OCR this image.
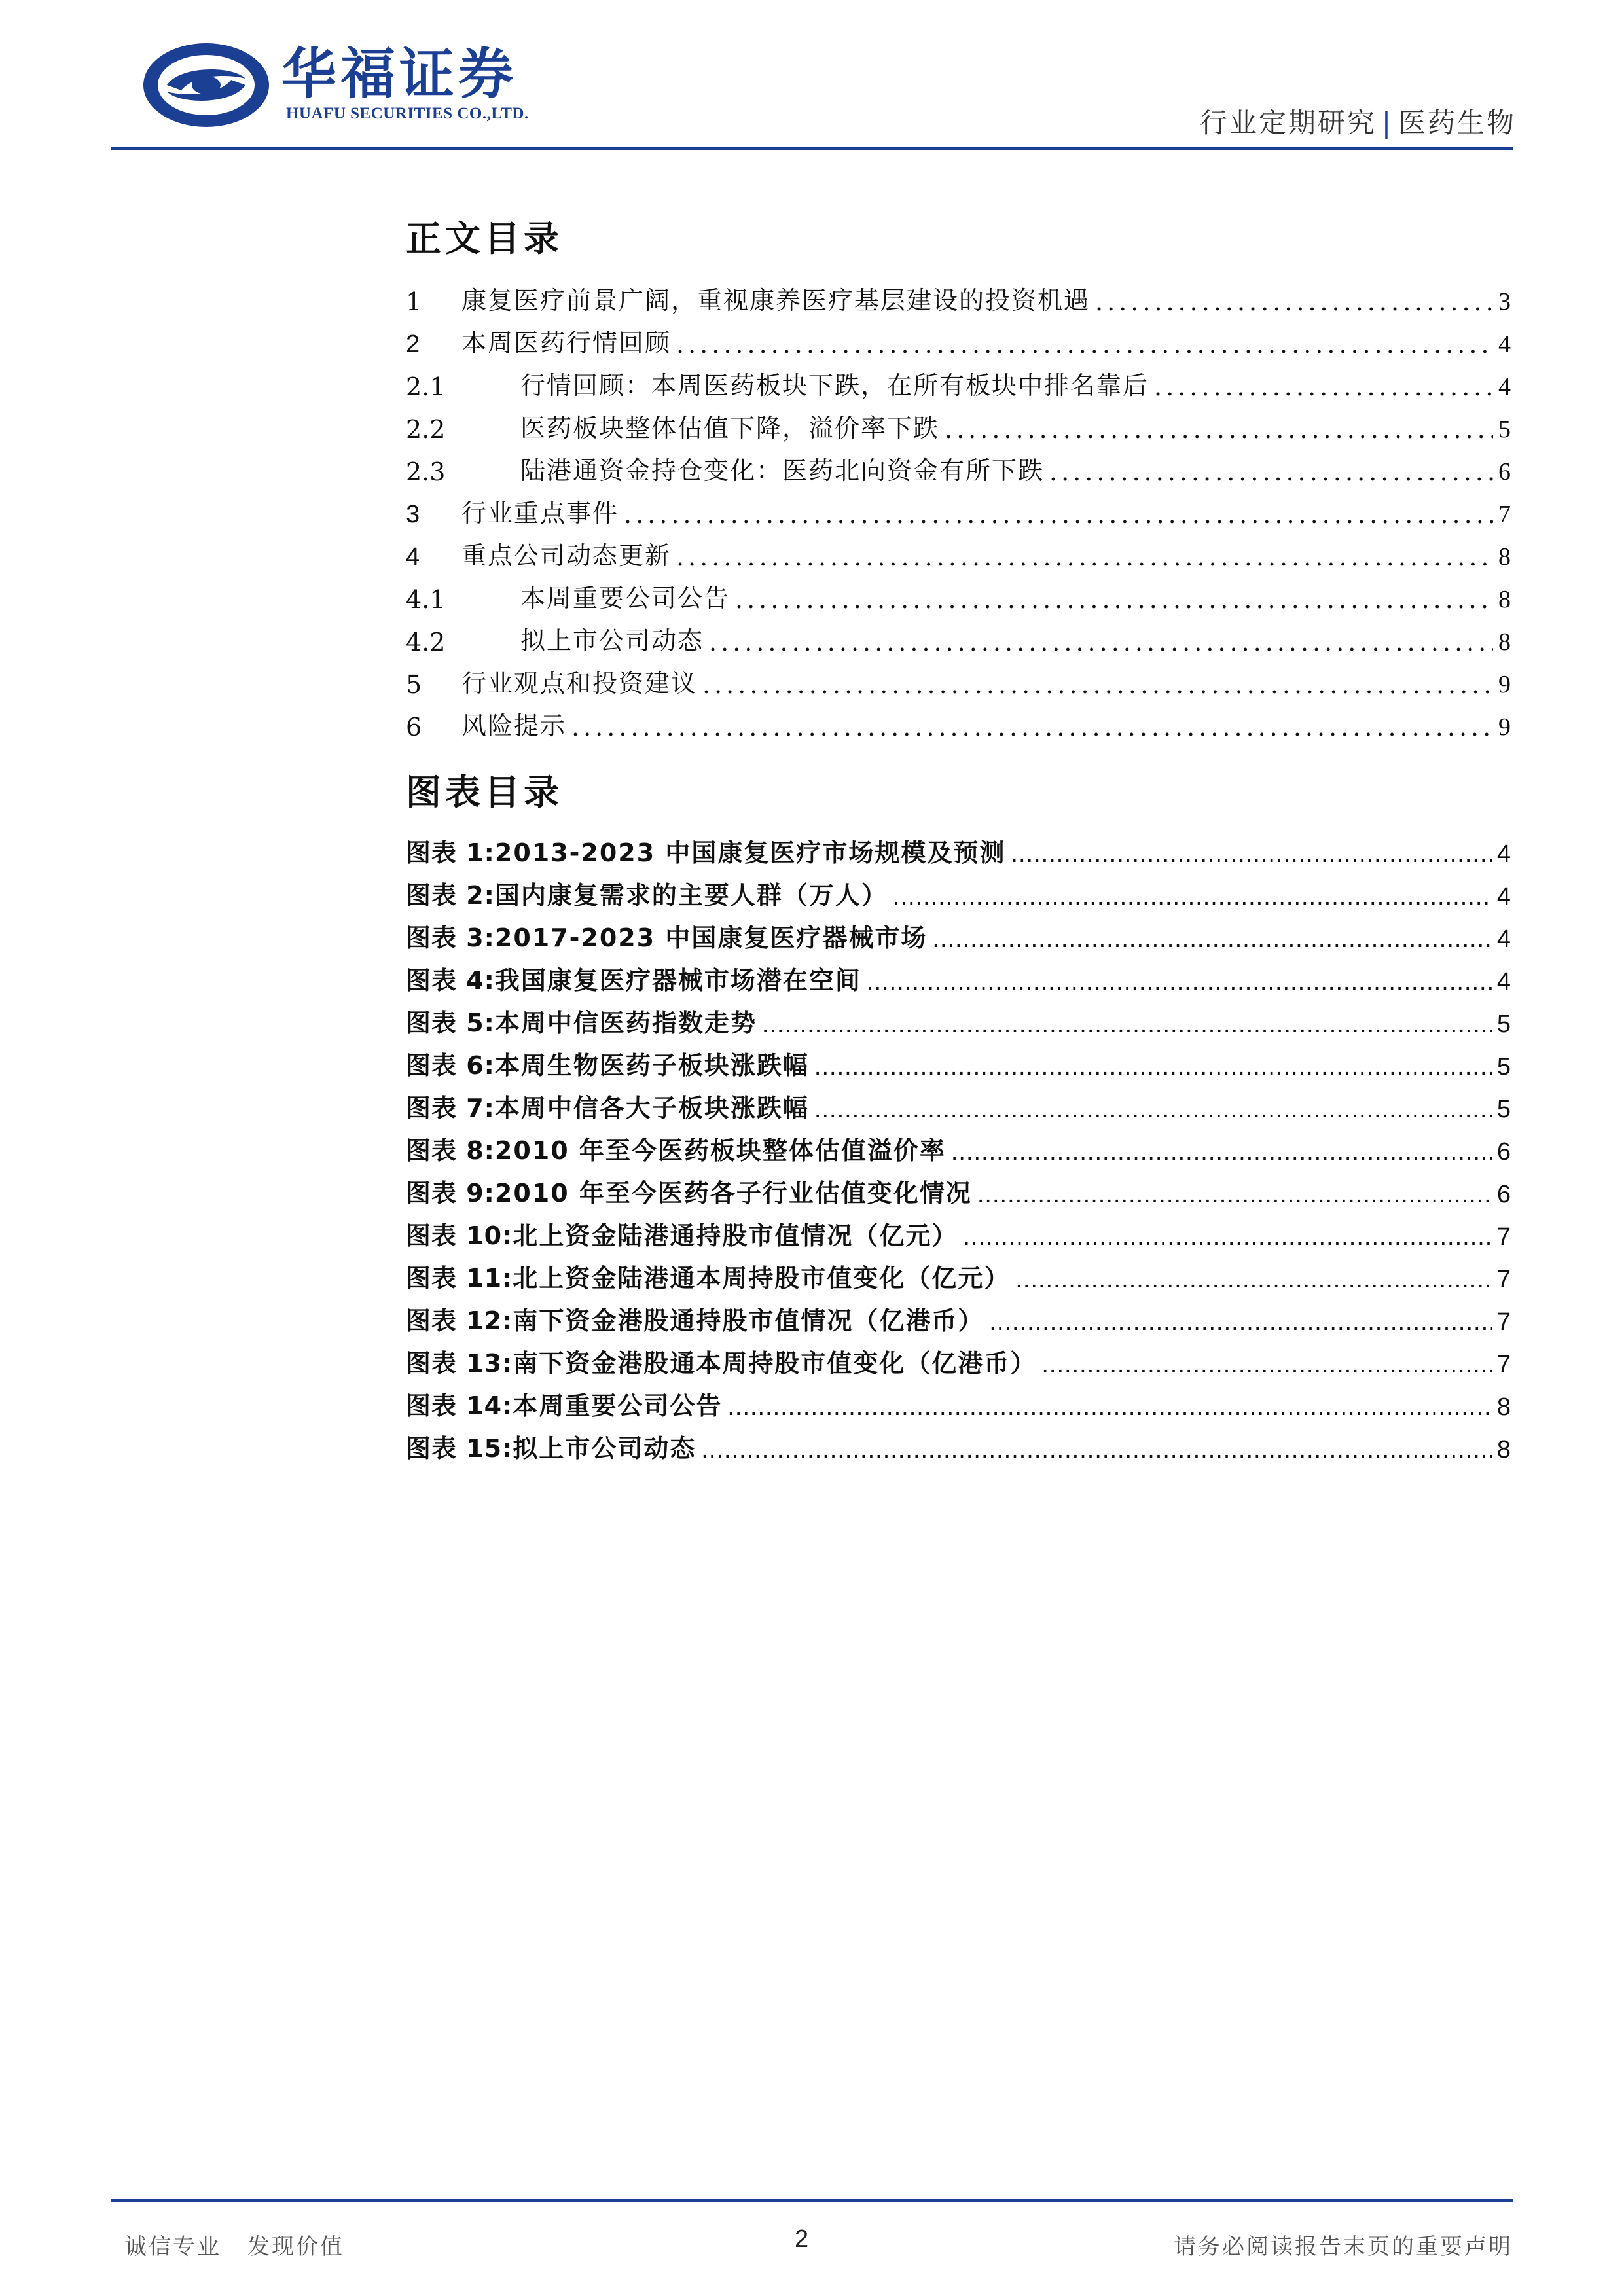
华福证券
HUAFU SECURITIES CO.,LTD.	行业定期研究 | 医药生物
正文目录
1	康复医疗前景广阔，重视康养医疗基层建设的投资机遇 .....	3
2	本周医药行情回顾 .....	4
2.1	行情回顾：本周医药板块下跌，在所有板块中排名靠后 .....	4
2.2	医药板块整体估值下降，溢价率下跌 .....	5
2.3	陆港通资金持仓变化：医药北向资金有所下跌 .....	6
3	行业重点事件 .....	7
4	重点公司动态更新 .....	8
4.1	本周重要公司公告 .....	8
4.2	拟上市公司动态 .....	8
5	行业观点和投资建议 .....	9
6	风险提示 .....	9
图表目录
图表 1: 2013-2023 中国康复医疗市场规模及预测 .....	4
图表 2: 国内康复需求的主要人群（万人） .....	4
图表 3: 2017-2023 中国康复医疗器械市场 .....	4
图表 4: 我国康复医疗器械市场潜在空间 .....	4
图表 5: 本周中信医药指数走势 .....	5
图表 6: 本周生物医药子板块涨跌幅 .....	5
图表 7: 本周中信各大子板块涨跌幅 .....	5
图表 8: 2010 年至今医药板块整体估值溢价率 .....	6
图表 9: 2010 年至今医药各子行业估值变化情况 .....	6
图表 10: 北上资金陆港通持股市值情况（亿元） .....	7
图表 11: 北上资金陆港通本周持股市值变化（亿元） .....	7
图表 12: 南下资金港股通持股市值情况（亿港币） .....	7
图表 13: 南下资金港股通本周持股市值变化（亿港币） .....	7
图表 14: 本周重要公司公告 .....	8
图表 15: 拟上市公司动态 .....	8
诚信专业 发现价值	2	请务必阅读报告末页的重要声明
